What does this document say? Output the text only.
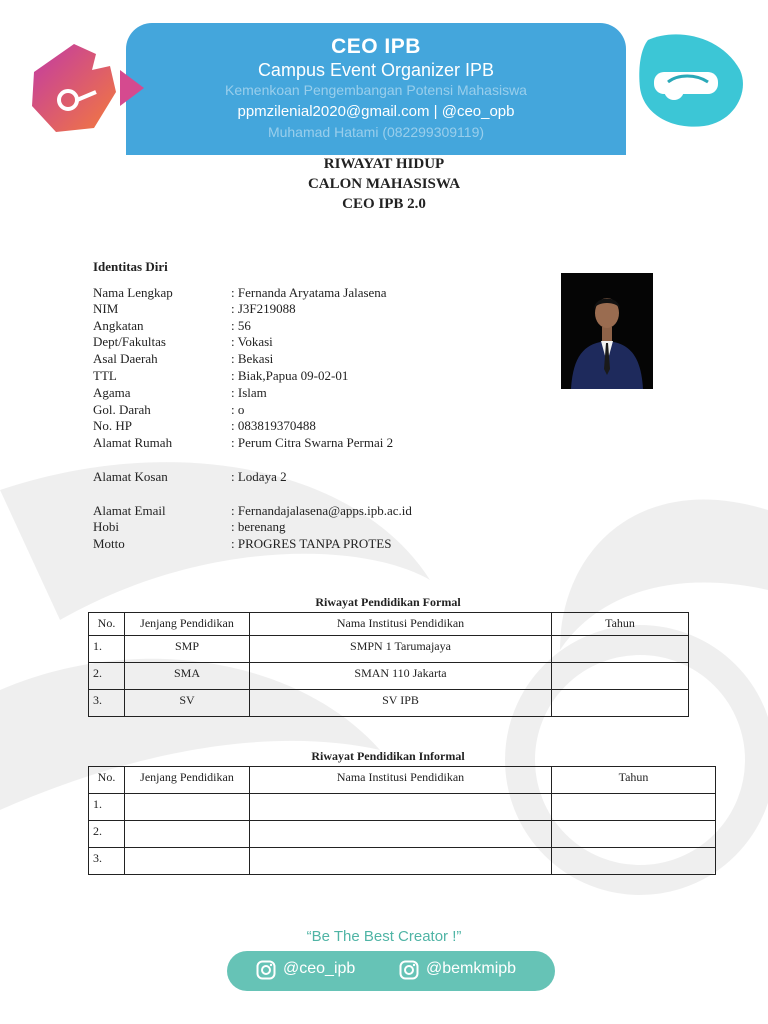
CEO IPB
Campus Event Organizer IPB
Kemenkoan Pengembangan Potensi Mahasiswa
ppmzilenial2020@gmail.com | @ceo_opb
Muhamad Hatami (082299309119)
RIWAYAT HIDUP
CALON MAHASISWA
CEO IPB 2.0
Identitas Diri
Nama Lengkap	: Fernanda Aryatama Jalasena
NIM	: J3F219088
Angkatan	: 56
Dept/Fakultas	: Vokasi
Asal Daerah	: Bekasi
TTL	: Biak,Papua 09-02-01
Agama	: Islam
Gol. Darah	: o
No. HP	: 083819370488
Alamat Rumah	: Perum Citra Swarna Permai 2
Alamat Kosan	: Lodaya 2
Alamat Email	: Fernandajalasena@apps.ipb.ac.id
Hobi	: berenang
Motto	: PROGRES TANPA PROTES
Riwayat Pendidikan Formal
No.	Jenjang Pendidikan	Nama Institusi Pendidikan	Tahun
1.	SMP	SMPN 1 Tarumajaya	
2.	SMA	SMAN 110 Jakarta	
3.	SV	SV IPB	
Riwayat Pendidikan Informal
No.	Jenjang Pendidikan	Nama Institusi Pendidikan	Tahun
1.			
2.			
3.			
“Be The Best Creator !”
@ceo_ipb	@bemkmipb
